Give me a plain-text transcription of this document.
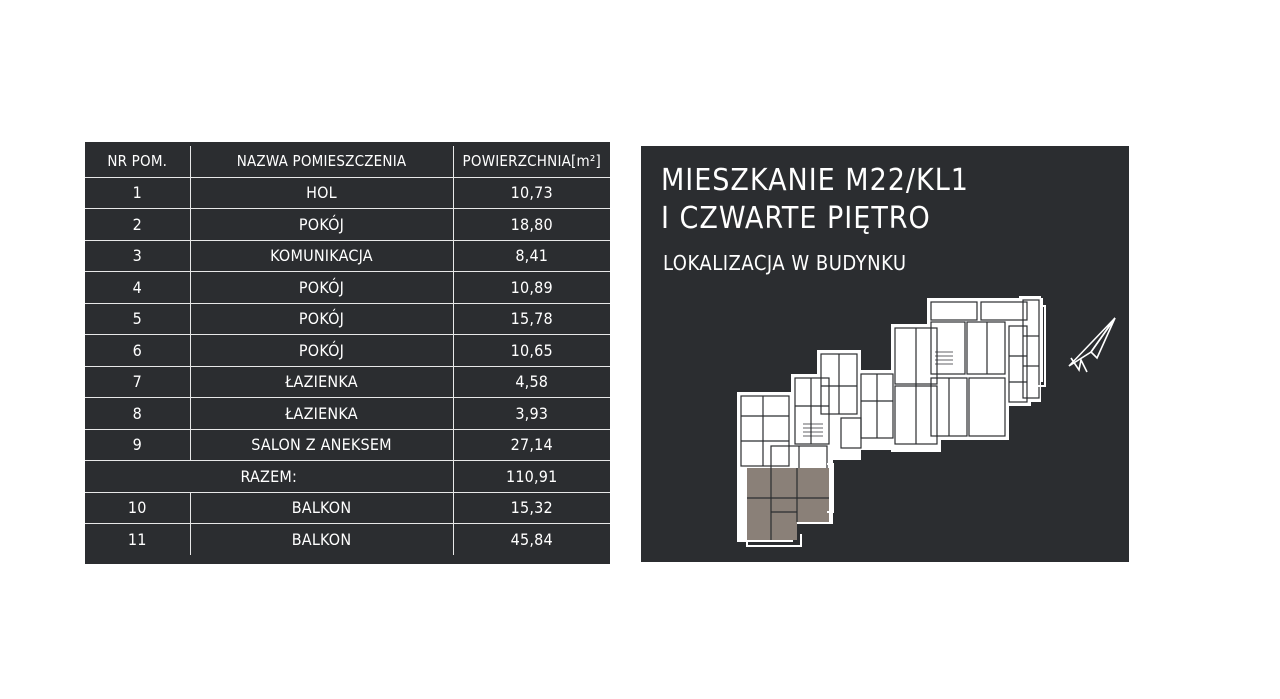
NR POM.	NAZWA POMIESZCZENIA	POWIERZCHNIA[m²]
1	HOL	10,73
2	POKÓJ	18,80
3	KOMUNIKACJA	8,41
4	POKÓJ	10,89
5	POKÓJ	15,78
6	POKÓJ	10,65
7	ŁAZIENKA	4,58
8	ŁAZIENKA	3,93
9	SALON Z ANEKSEM	27,14
RAZEM:		110,91
10	BALKON	15,32
11	BALKON	45,84
MIESZKANIE M22/KL1
I CZWARTE PIĘTRO
LOKALIZACJA W BUDYNKU
